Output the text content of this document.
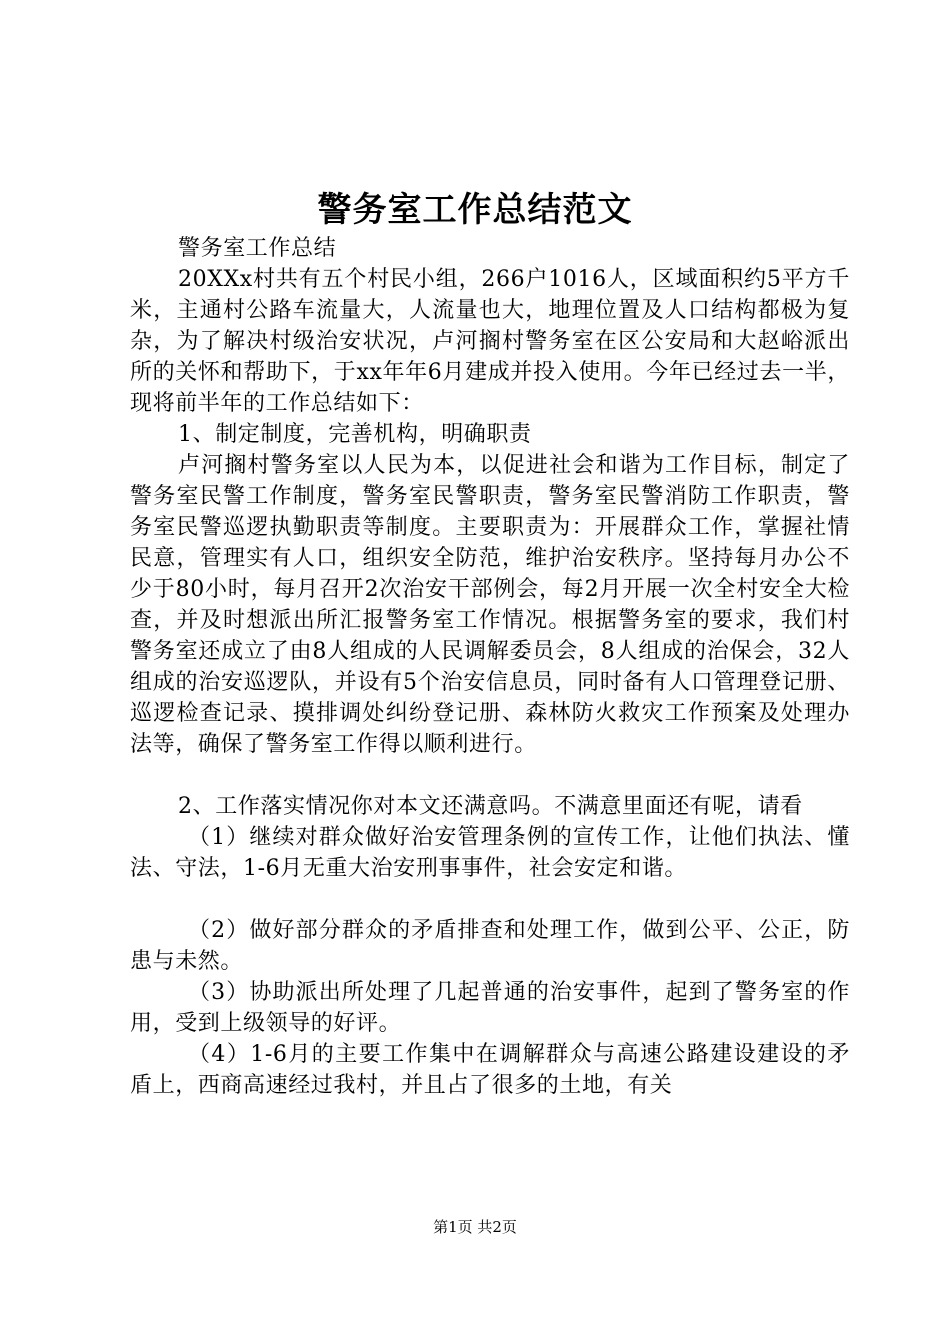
警务室工作总结范文

警务室工作总结

20XXx村共有五个村民小组，266户1016人，区域面积约5平方千米，主通村公路车流量大，人流量也大，地理位置及人口结构都极为复杂，为了解决村级治安状况，卢河搁村警务室在区公安局和大赵峪派出所的关怀和帮助下，于xx年年6月建成并投入使用。今年已经过去一半，现将前半年的工作总结如下：

1、制定制度，完善机构，明确职责

卢河搁村警务室以人民为本，以促进社会和谐为工作目标，制定了警务室民警工作制度，警务室民警职责，警务室民警消防工作职责，警务室民警巡逻执勤职责等制度。主要职责为：开展群众工作，掌握社情民意，管理实有人口，组织安全防范，维护治安秩序。坚持每月办公不少于80小时，每月召开2次治安干部例会，每2月开展一次全村安全大检查，并及时想派出所汇报警务室工作情况。根据警务室的要求，我们村警务室还成立了由8人组成的人民调解委员会，8人组成的治保会，32人组成的治安巡逻队，并设有5个治安信息员，同时备有人口管理登记册、巡逻检查记录、摸排调处纠纷登记册、森林防火救灾工作预案及处理办法等，确保了警务室工作得以顺利进行。

2、工作落实情况你对本文还满意吗。不满意里面还有呢，请看

（1）继续对群众做好治安管理条例的宣传工作，让他们执法、懂法、守法，1-6月无重大治安刑事事件，社会安定和谐。

（2）做好部分群众的矛盾排查和处理工作，做到公平、公正，防患与未然。

（3）协助派出所处理了几起普通的治安事件，起到了警务室的作用，受到上级领导的好评。

（4）1-6月的主要工作集中在调解群众与高速公路建设建设的矛盾上，西商高速经过我村，并且占了很多的土地，有关

第1页 共2页
